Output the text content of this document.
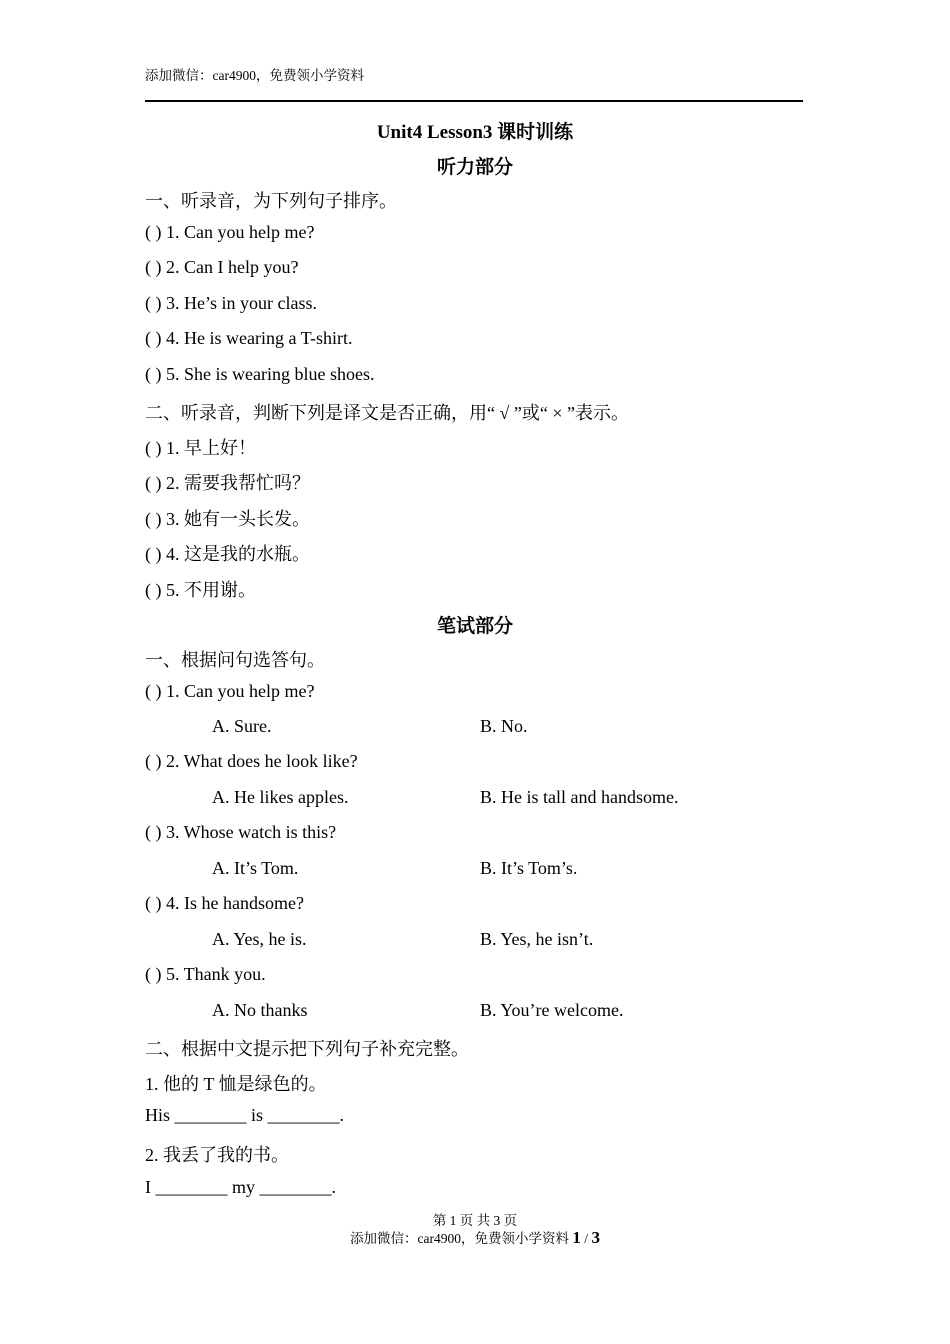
添加微信：car4900，免费领小学资料
Unit4 Lesson3 课时训练
听力部分
一、听录音，为下列句子排序。
( ) 1. Can you help me?
( ) 2. Can I help you?
( ) 3. He’s in your class.
( ) 4. He is wearing a T-shirt.
( ) 5. She is wearing blue shoes.
二、听录音，判断下列是译文是否正确，用“ √ ”或“ × ”表示。
( ) 1. 早上好！
( ) 2. 需要我帮忙吗？
( ) 3. 她有一头长发。
( ) 4. 这是我的水瓶。
( ) 5. 不用谢。
笔试部分
一、根据问句选答句。
( ) 1. Can you help me?
A. Sure.	B. No.
( ) 2. What does he look like?
A. He likes apples.	B. He is tall and handsome.
( ) 3. Whose watch is this?
A. It’s Tom.	B. It’s Tom’s.
( ) 4. Is he handsome?
A. Yes, he is.	B. Yes, he isn’t.
( ) 5. Thank you.
A. No thanks	B. You’re welcome.
二、根据中文提示把下列句子补充完整。
1. 他的 T 恤是绿色的。
His ________ is ________.
2. 我丢了我的书。
I ________ my ________.
第 1 页 共 3 页
添加微信：car4900，免费领小学资料 1 / 3
